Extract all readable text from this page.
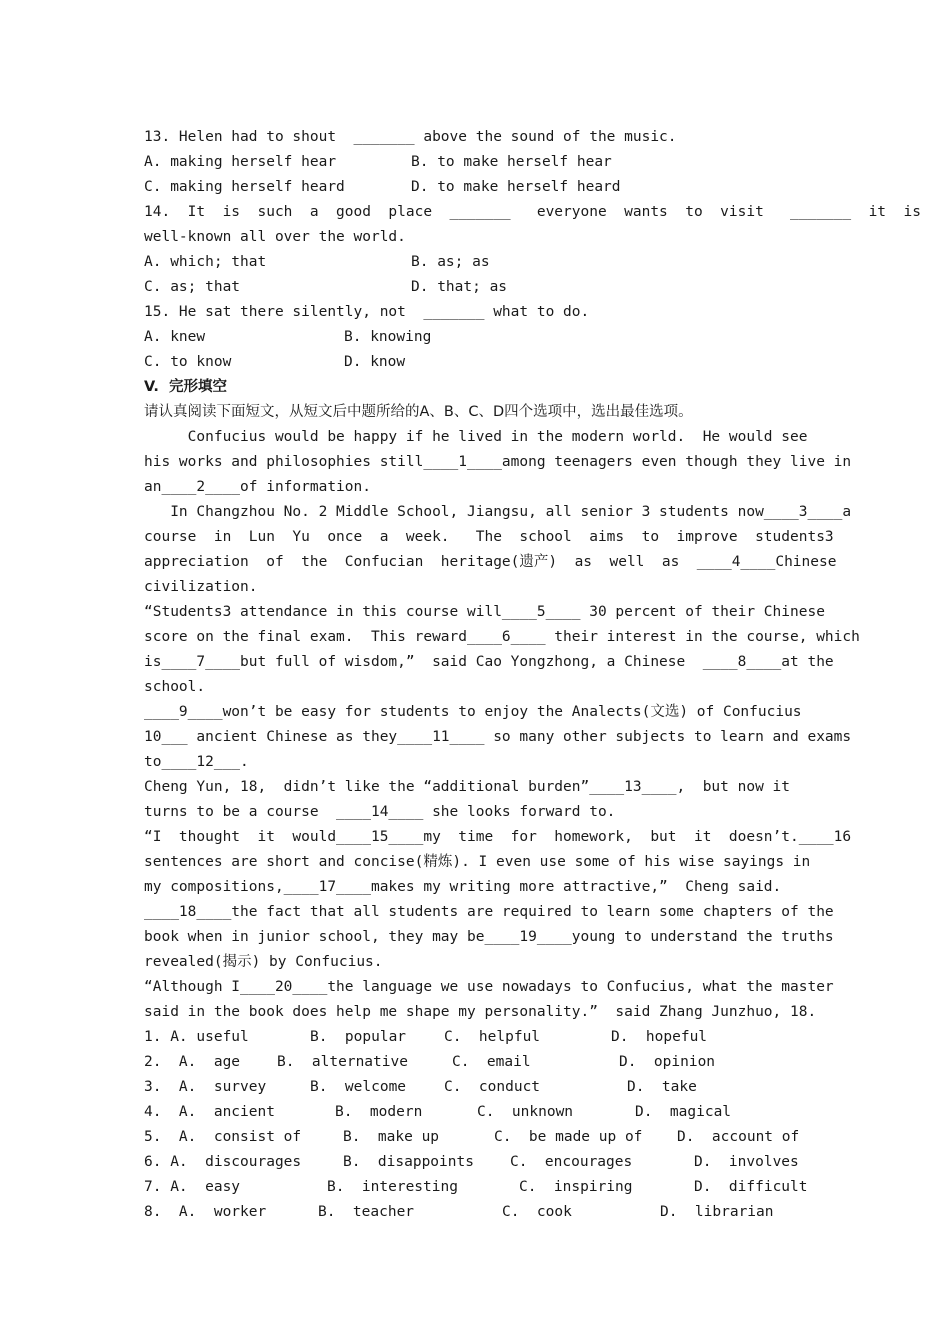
13. Helen had to shout  _______ above the sound of the music.

A. making herself hear

	B. to make herself hear

C. making herself heard

	D. to make herself heard

14.  It  is  such  a  good  place  _______   everyone  wants  to  visit   _______  it  is
well-known all over the world.

A. which; that

	B. as; as

C. as; that

	D. that; as

15. He sat there silently, not  _______ what to do.

A. knew

	B. knowing

C. to know

	D. know

V.  完形填空
请认真阅读下面短文，从短文后中题所给的A、B、C、D四个选项中，选出最佳选项。
Confucius would be happy if he lived in the modern world.  He would see
his works and philosophies still____1____among teenagers even though they live in
an____2____of information.
In Changzhou No. 2 Middle School, Jiangsu, all senior 3 students now____3____a
course  in  Lun  Yu  once  a  week.   The  school  aims  to  improve  students3
appreciation  of  the  Confucian  heritage(遗产)  as  well  as  ____4____Chinese
civilization.
“Students3 attendance in this course will____5____ 30 percent of their Chinese
score on the final exam.  This reward____6____ their interest in the course, which
is____7____but full of wisdom,”  said Cao Yongzhong, a Chinese  ____8____at the
school.
____9____won’t be easy for students to enjoy the Analects(文选) of Confucius
10___ ancient Chinese as they____11____ so many other subjects to learn and exams
to____12___.
Cheng Yun, 18,  didn’t like the “additional burden”____13____,  but now it
turns to be a course  ____14____ she looks forward to.
“I  thought  it  would____15____my  time  for  homework,  but  it  doesn’t.____16
sentences are short and concise(精炼). I even use some of his wise sayings in
my compositions,____17____makes my writing more attractive,”  Cheng said.
____18____the fact that all students are required to learn some chapters of the
book when in junior school, they may be____19____young to understand the truths
revealed(揭示) by Confucius.
“Although I____20____the language we use nowadays to Confucius, what the master
said in the book does help me shape my personality.”  said Zhang Junzhuo, 18.
1. A. useful	B.  popular	C.  helpful	D.  hopeful
2.  A.  age	B.  alternative	C.  email	D.  opinion
3.  A.  survey	B.  welcome	C.  conduct	D.  take
4.  A.  ancient	B.  modern	C.  unknown	D.  magical
5.  A.  consist of	B.  make up	C.  be made up of D.  account of
6. A.  discourages	B.  disappoints C.  encourages	D.  involves
7. A.  easy	B.  interesting	C.  inspiring	D.  difficult
8.  A.  worker	B.  teacher	C.  cook	D.  librarian
